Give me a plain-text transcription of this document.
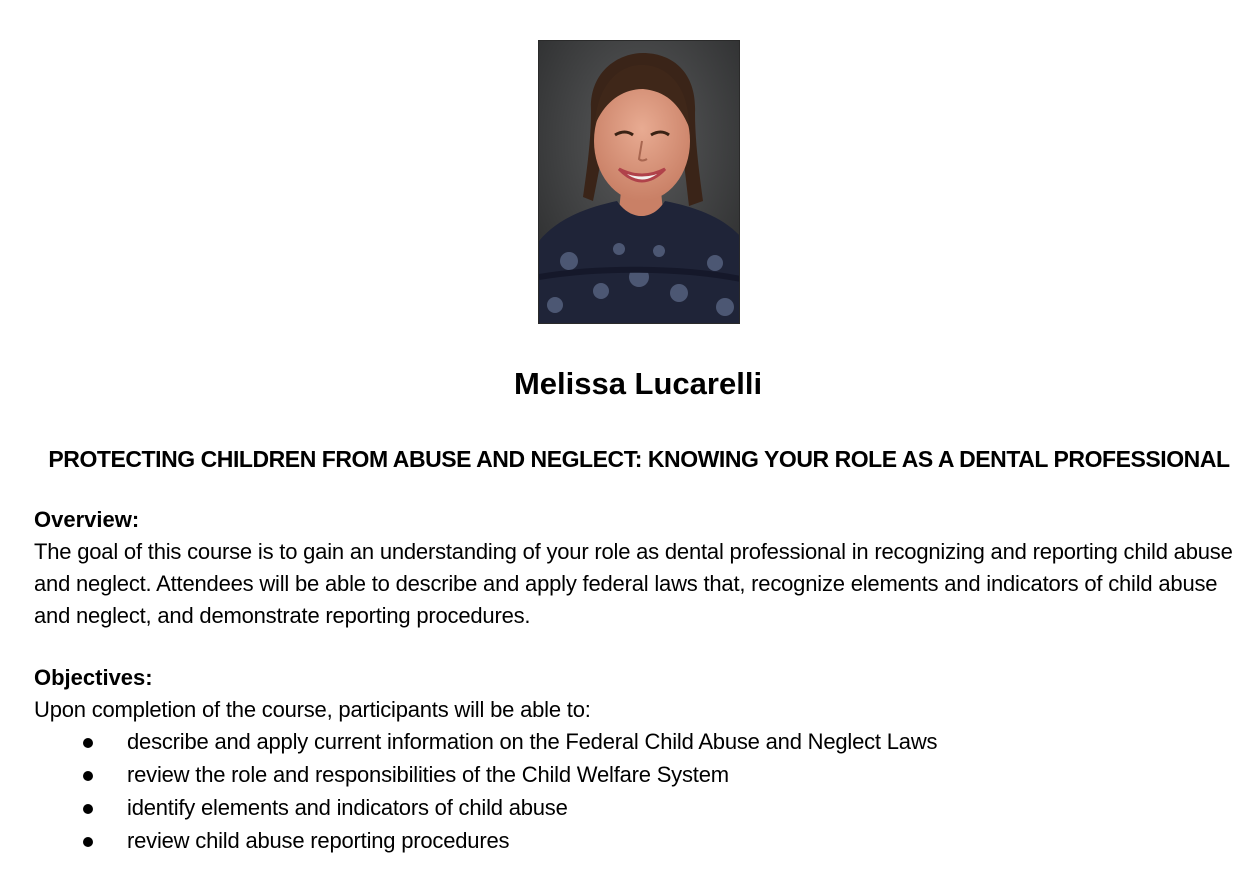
Melissa Lucarelli
PROTECTING CHILDREN FROM ABUSE AND NEGLECT: KNOWING YOUR ROLE AS A DENTAL PROFESSIONAL
Overview:
The goal of this course is to gain an understanding of your role as dental professional in recognizing and reporting child abuse and neglect. Attendees will be able to describe and apply federal laws that, recognize elements and indicators of child abuse and neglect, and demonstrate reporting procedures.
Objectives:
Upon completion of the course, participants will be able to:
describe and apply current information on the Federal Child Abuse and Neglect Laws
review the role and responsibilities of the Child Welfare System
identify elements and indicators of child abuse
review child abuse reporting procedures
